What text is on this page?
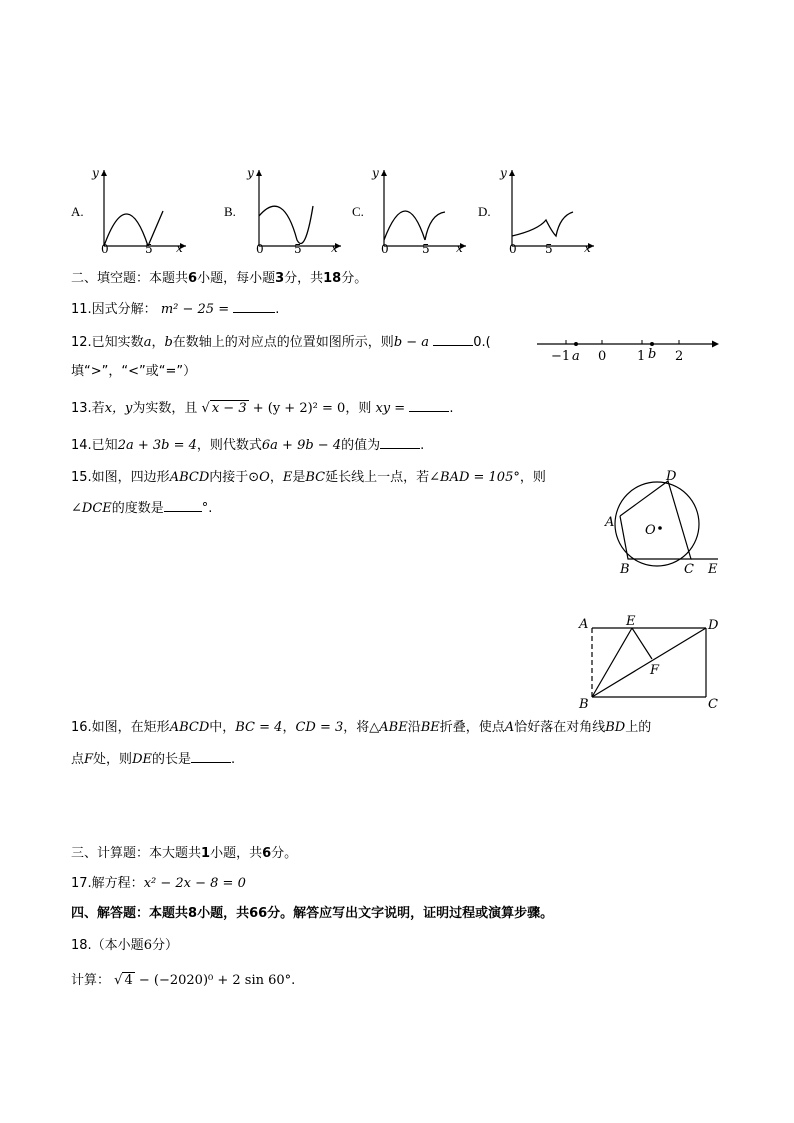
A.
y
x
0	5
B.
y
x
0	5
C.
y
x
0	5
D.
y
x
0 5
二、填空题：本题共6小题，每小题3分，共18分。
11.因式分解： m² − 25 =	.
12.已知实数a，b在数轴上的对应点的位置如图所示，则b − a	0.(
−1 0 1 2
a	b
填“>”，“<”或“=”）
13.若x，y为实数，且 √ x − 3 + (y + 2)² = 0，则 xy =	.
14.已知2a + 3b = 4，则代数式6a + 9b − 4的值为	.
15.如图，四边形ABCD内接于⊙O，E是BC延长线上一点，若∠BAD = 105°，则
∠DCE的度数是	°.
A
B	C
D
E
O
A
B	C
D
E
F
16.如图，在矩形ABCD中，BC = 4，CD = 3，将△ABE沿BE折叠，使点A恰好落在对角线BD上的
点F处，则DE的长是	.
三、计算题：本大题共1小题，共6分。
17.解方程：x² − 2x − 8 = 0
四、解答题：本题共8小题，共66分。解答应写出文字说明，证明过程或演算步骤。
18.（本小题6分）
计算： √ 4 − (−2020)⁰ + 2 sin 60°.
